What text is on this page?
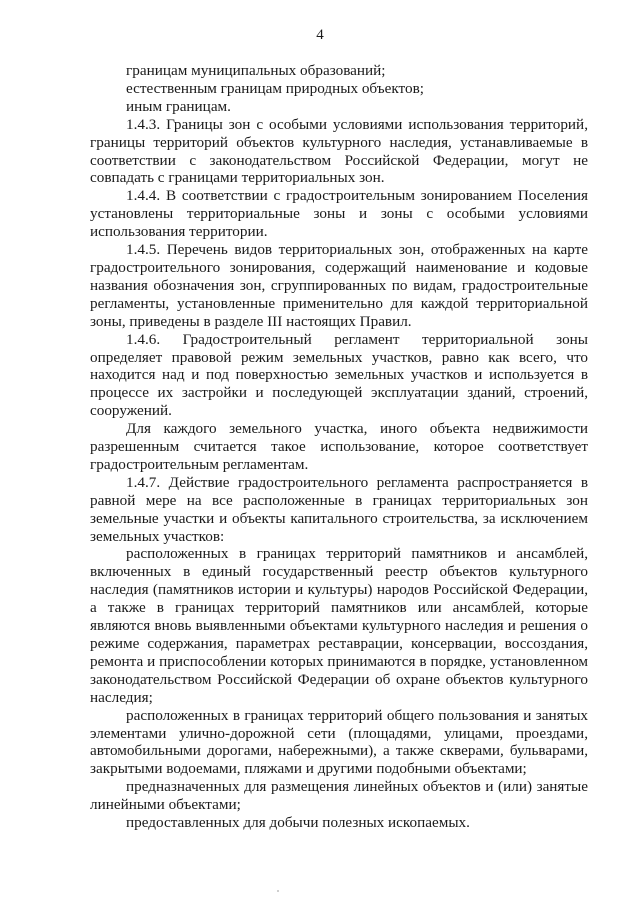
4

границам муниципальных образований;

естественным границам природных объектов;

иным границам.

1.4.3. Границы зон с особыми условиями использования территорий, границы территорий объектов культурного наследия, устанавливаемые в соответствии с законодательством Российской Федерации, могут не совпадать с границами территориальных зон.

1.4.4. В соответствии с градостроительным зонированием Поселения установлены территориальные зоны и зоны с особыми условиями использования территории.

1.4.5. Перечень видов территориальных зон, отображенных на карте градостроительного зонирования, содержащий наименование и кодовые названия обозначения зон, сгруппированных по видам, градостроительные регламенты, установленные применительно для каждой территориальной зоны, приведены в разделе III настоящих Правил.

1.4.6. Градостроительный регламент территориальной зоны определяет правовой режим земельных участков, равно как всего, что находится над и под поверхностью земельных участков и используется в процессе их застройки и последующей эксплуатации зданий, строений, сооружений.

Для каждого земельного участка, иного объекта недвижимости разрешенным считается такое использование, которое соответствует градостроительным регламентам.

1.4.7. Действие градостроительного регламента распространяется в равной мере на все расположенные в границах территориальных зон земельные участки и объекты капитального строительства, за исключением земельных участков:

расположенных в границах территорий памятников и ансамблей, включенных в единый государственный реестр объектов культурного наследия (памятников истории и культуры) народов Российской Федерации, а также в границах территорий памятников или ансамблей, которые являются вновь выявленными объектами культурного наследия и решения о режиме содержания, параметрах реставрации, консервации, воссоздания, ремонта и приспособлении которых принимаются в порядке, установленном законодательством Российской Федерации об охране объектов культурного наследия;

расположенных в границах территорий общего пользования и занятых элементами улично-дорожной сети (площадями, улицами, проездами, автомобильными дорогами, набережными), а также скверами, бульварами, закрытыми водоемами, пляжами и другими подобными объектами;

предназначенных для размещения линейных объектов и (или) занятые линейными объектами;

предоставленных для добычи полезных ископаемых.
